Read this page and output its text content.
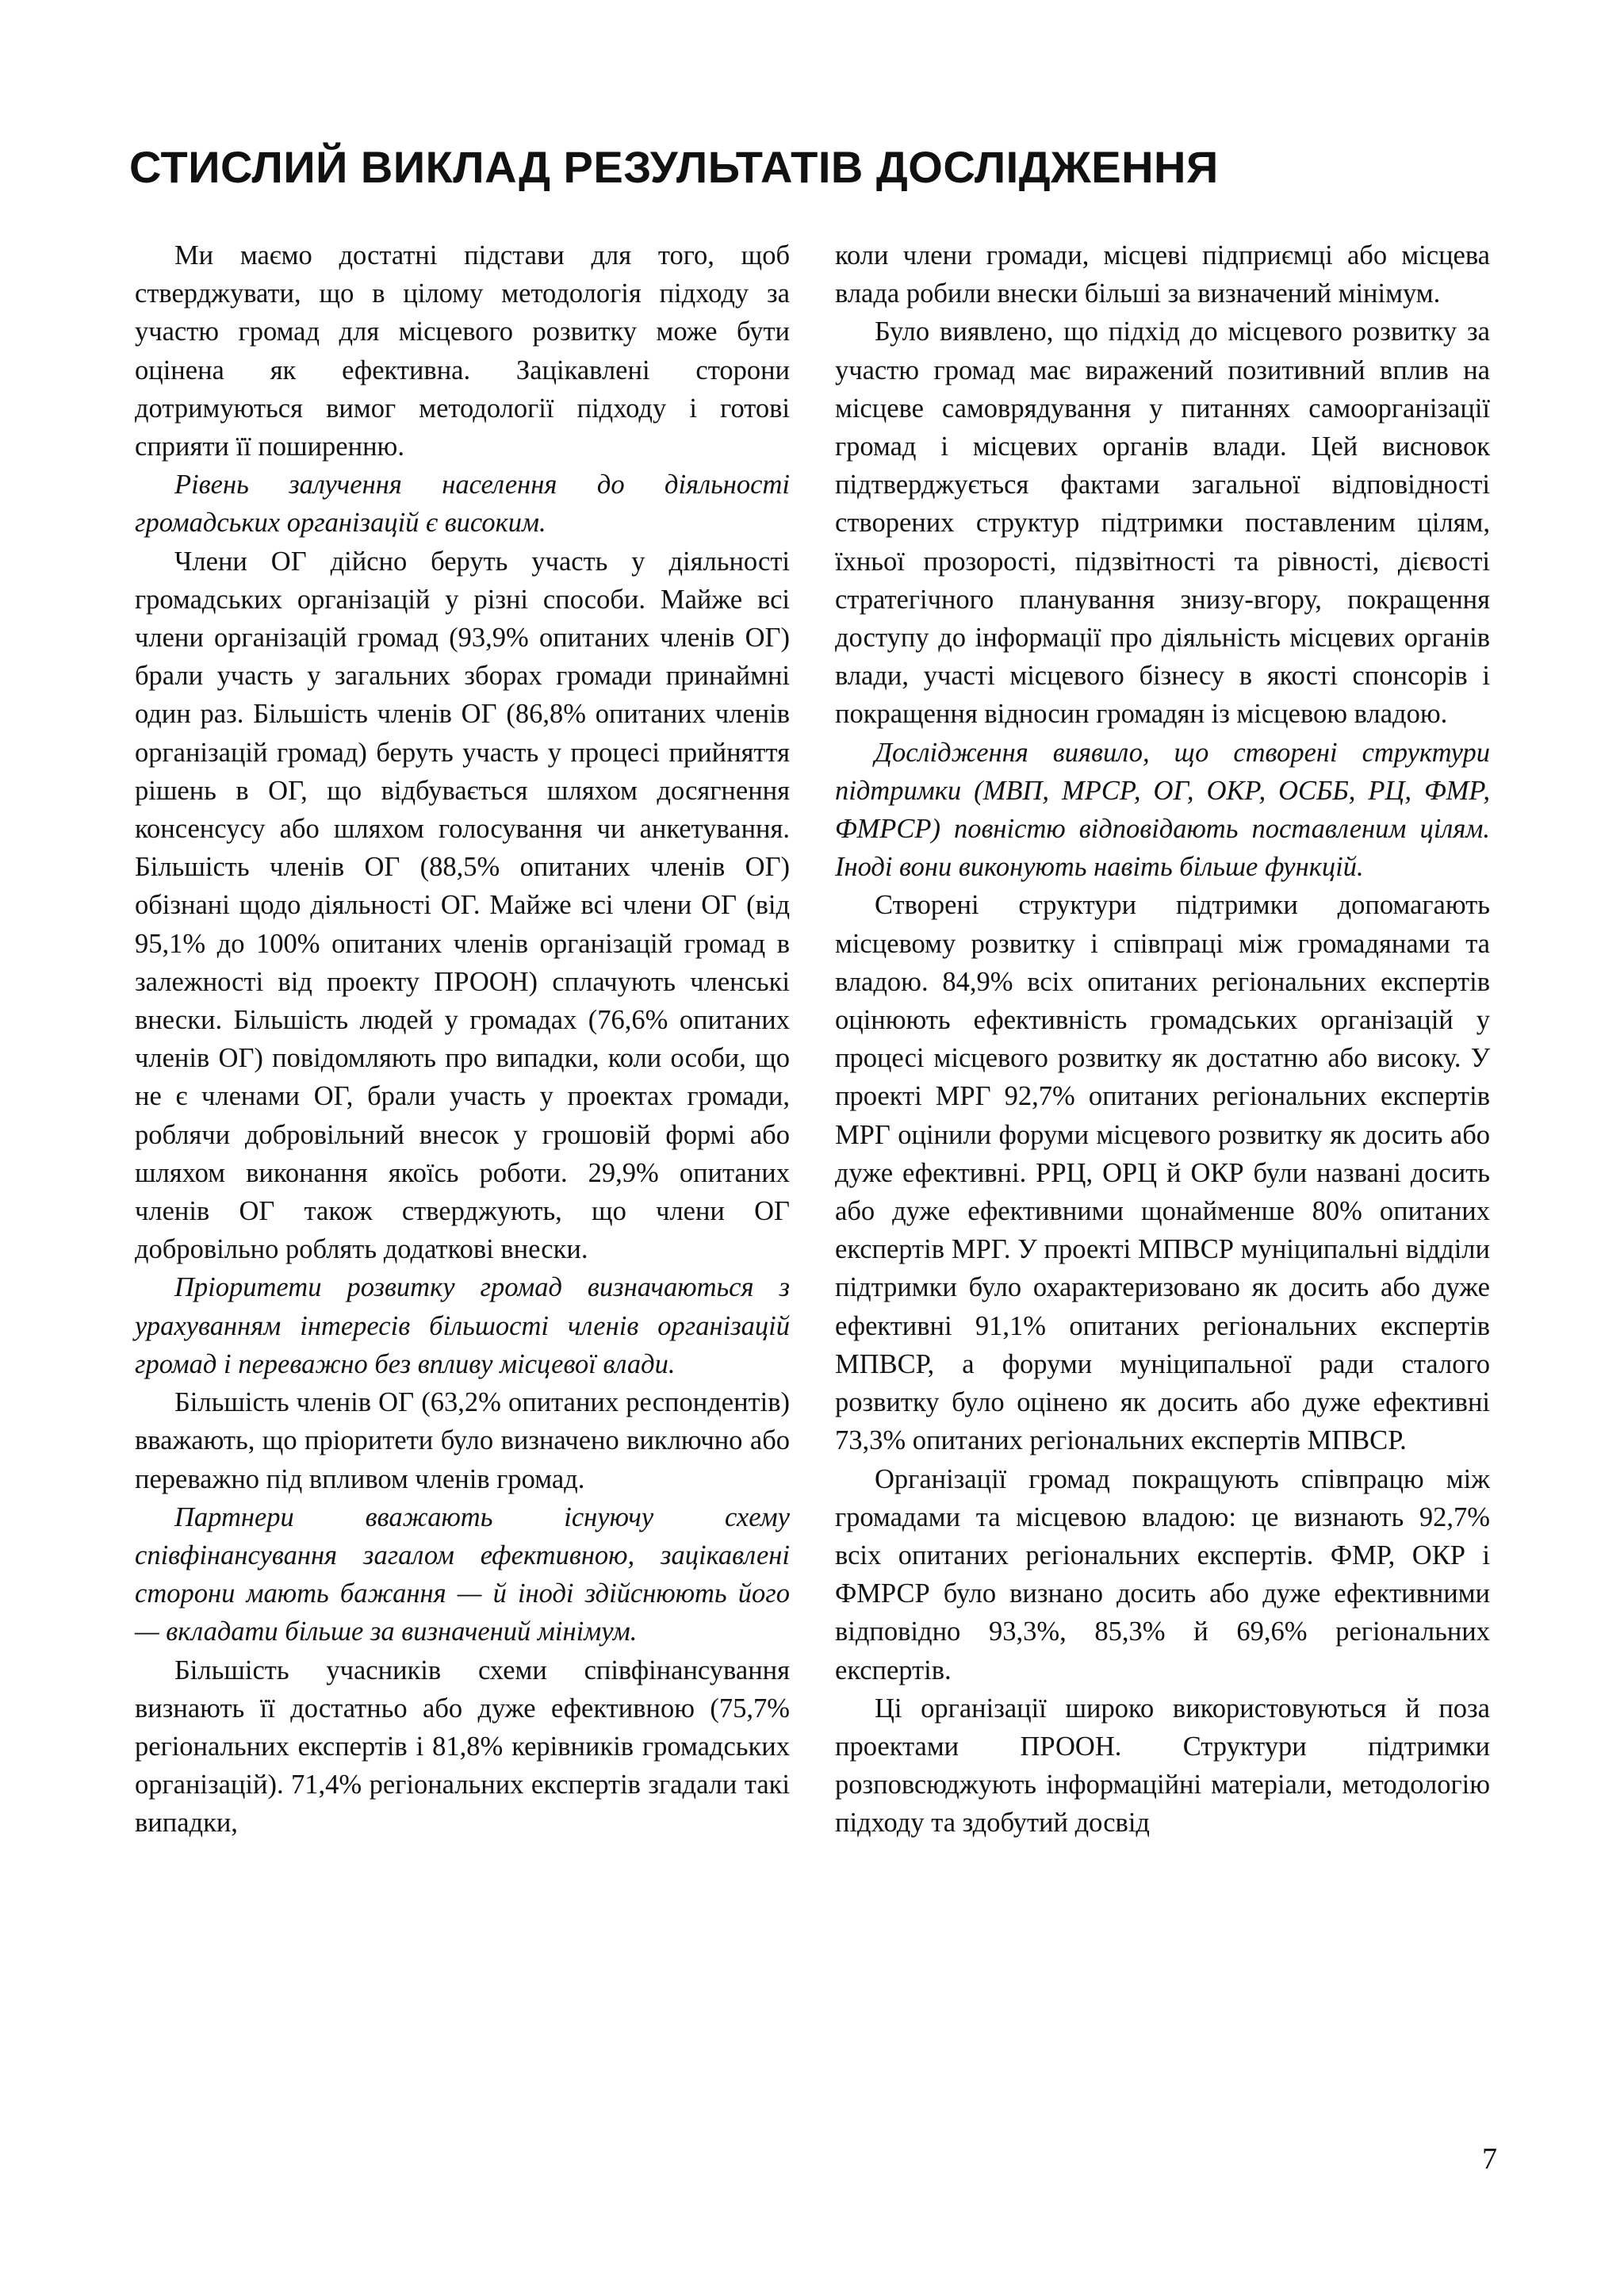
СТИСЛИЙ ВИКЛАД РЕЗУЛЬТАТІВ ДОСЛІДЖЕННЯ

Ми маємо достатні підстави для того, щоб стверджувати, що в цілому методологія підходу за участю громад для місцевого розвитку може бути оцінена як ефективна. Зацікавлені сторони дотримуються вимог методології підходу і готові сприяти її поширенню.

Рівень залучення населення до діяльності громадських організацій є високим.

Члени ОГ дійсно беруть участь у діяльності громадських організацій у різні способи. Майже всі члени організацій громад (93,9% опитаних членів ОГ) брали участь у загальних зборах громади принаймні один раз. Більшість членів ОГ (86,8% опитаних членів організацій громад) беруть участь у процесі прийняття рішень в ОГ, що відбувається шляхом досягнення консенсусу або шляхом голосування чи анкетування. Більшість членів ОГ (88,5% опитаних членів ОГ) обізнані щодо діяльності ОГ. Майже всі члени ОГ (від 95,1% до 100% опитаних членів організацій громад в залежності від проекту ПРООН) сплачують членські внески. Більшість людей у громадах (76,6% опитаних членів ОГ) повідомляють про випадки, коли особи, що не є членами ОГ, брали участь у проектах громади, роблячи добровільний внесок у грошовій формі або шляхом виконання якоїсь роботи. 29,9% опитаних членів ОГ також стверджують, що члени ОГ добровільно роблять додаткові внески.

Пріоритети розвитку громад визначаються з урахуванням інтересів більшості членів організацій громад і переважно без впливу місцевої влади.

Більшість членів ОГ (63,2% опитаних респондентів) вважають, що пріоритети було визначено виключно або переважно під впливом членів громад.

Партнери вважають існуючу схему співфінансування загалом ефективною, зацікавлені сторони мають бажання — й іноді здійснюють його — вкладати більше за визначений мінімум.

Більшість учасників схеми співфінансування визнають її достатньо або дуже ефективною (75,7% регіональних експертів і 81,8% керівників громадських організацій). 71,4% регіональних експертів згадали такі випадки,

коли члени громади, місцеві підприємці або місцева влада робили внески більші за визначений мінімум.

Було виявлено, що підхід до місцевого розвитку за участю громад має виражений позитивний вплив на місцеве самоврядування у питаннях самоорганізації громад і місцевих органів влади. Цей висновок підтверджується фактами загальної відповідності створених структур підтримки поставленим цілям, їхньої прозорості, підзвітності та рівності, дієвості стратегічного планування знизу-вгору, покращення доступу до інформації про діяльність місцевих органів влади, участі місцевого бізнесу в якості спонсорів і покращення відносин громадян із місцевою владою.

Дослідження виявило, що створені структури підтримки (МВП, МРСР, ОГ, ОКР, ОСББ, РЦ, ФМР, ФМРСР) повністю відповідають поставленим цілям. Іноді вони виконують навіть більше функцій.

Створені структури підтримки допомагають місцевому розвитку і співпраці між громадянами та владою. 84,9% всіх опитаних регіональних експертів оцінюють ефективність громадських організацій у процесі місцевого розвитку як достатню або високу. У проекті МРГ 92,7% опитаних регіональних експертів МРГ оцінили форуми місцевого розвитку як досить або дуже ефективні. РРЦ, ОРЦ й ОКР були названі досить або дуже ефективними щонайменше 80% опитаних експертів МРГ. У проекті МПВСР муніципальні відділи підтримки було охарактеризовано як досить або дуже ефективні 91,1% опитаних регіональних експертів МПВСР, а форуми муніципальної ради сталого розвитку було оцінено як досить або дуже ефективні 73,3% опитаних регіональних експертів МПВСР.

Організації громад покращують співпрацю між громадами та місцевою владою: це визнають 92,7% всіх опитаних регіональних експертів. ФМР, ОКР і ФМРСР було визнано досить або дуже ефективними відповідно 93,3%, 85,3% й 69,6% регіональних експертів.

Ці організації широко використовуються й поза проектами ПРООН. Структури підтримки розповсюджують інформаційні матеріали, методологію підходу та здобутий досвід

7
